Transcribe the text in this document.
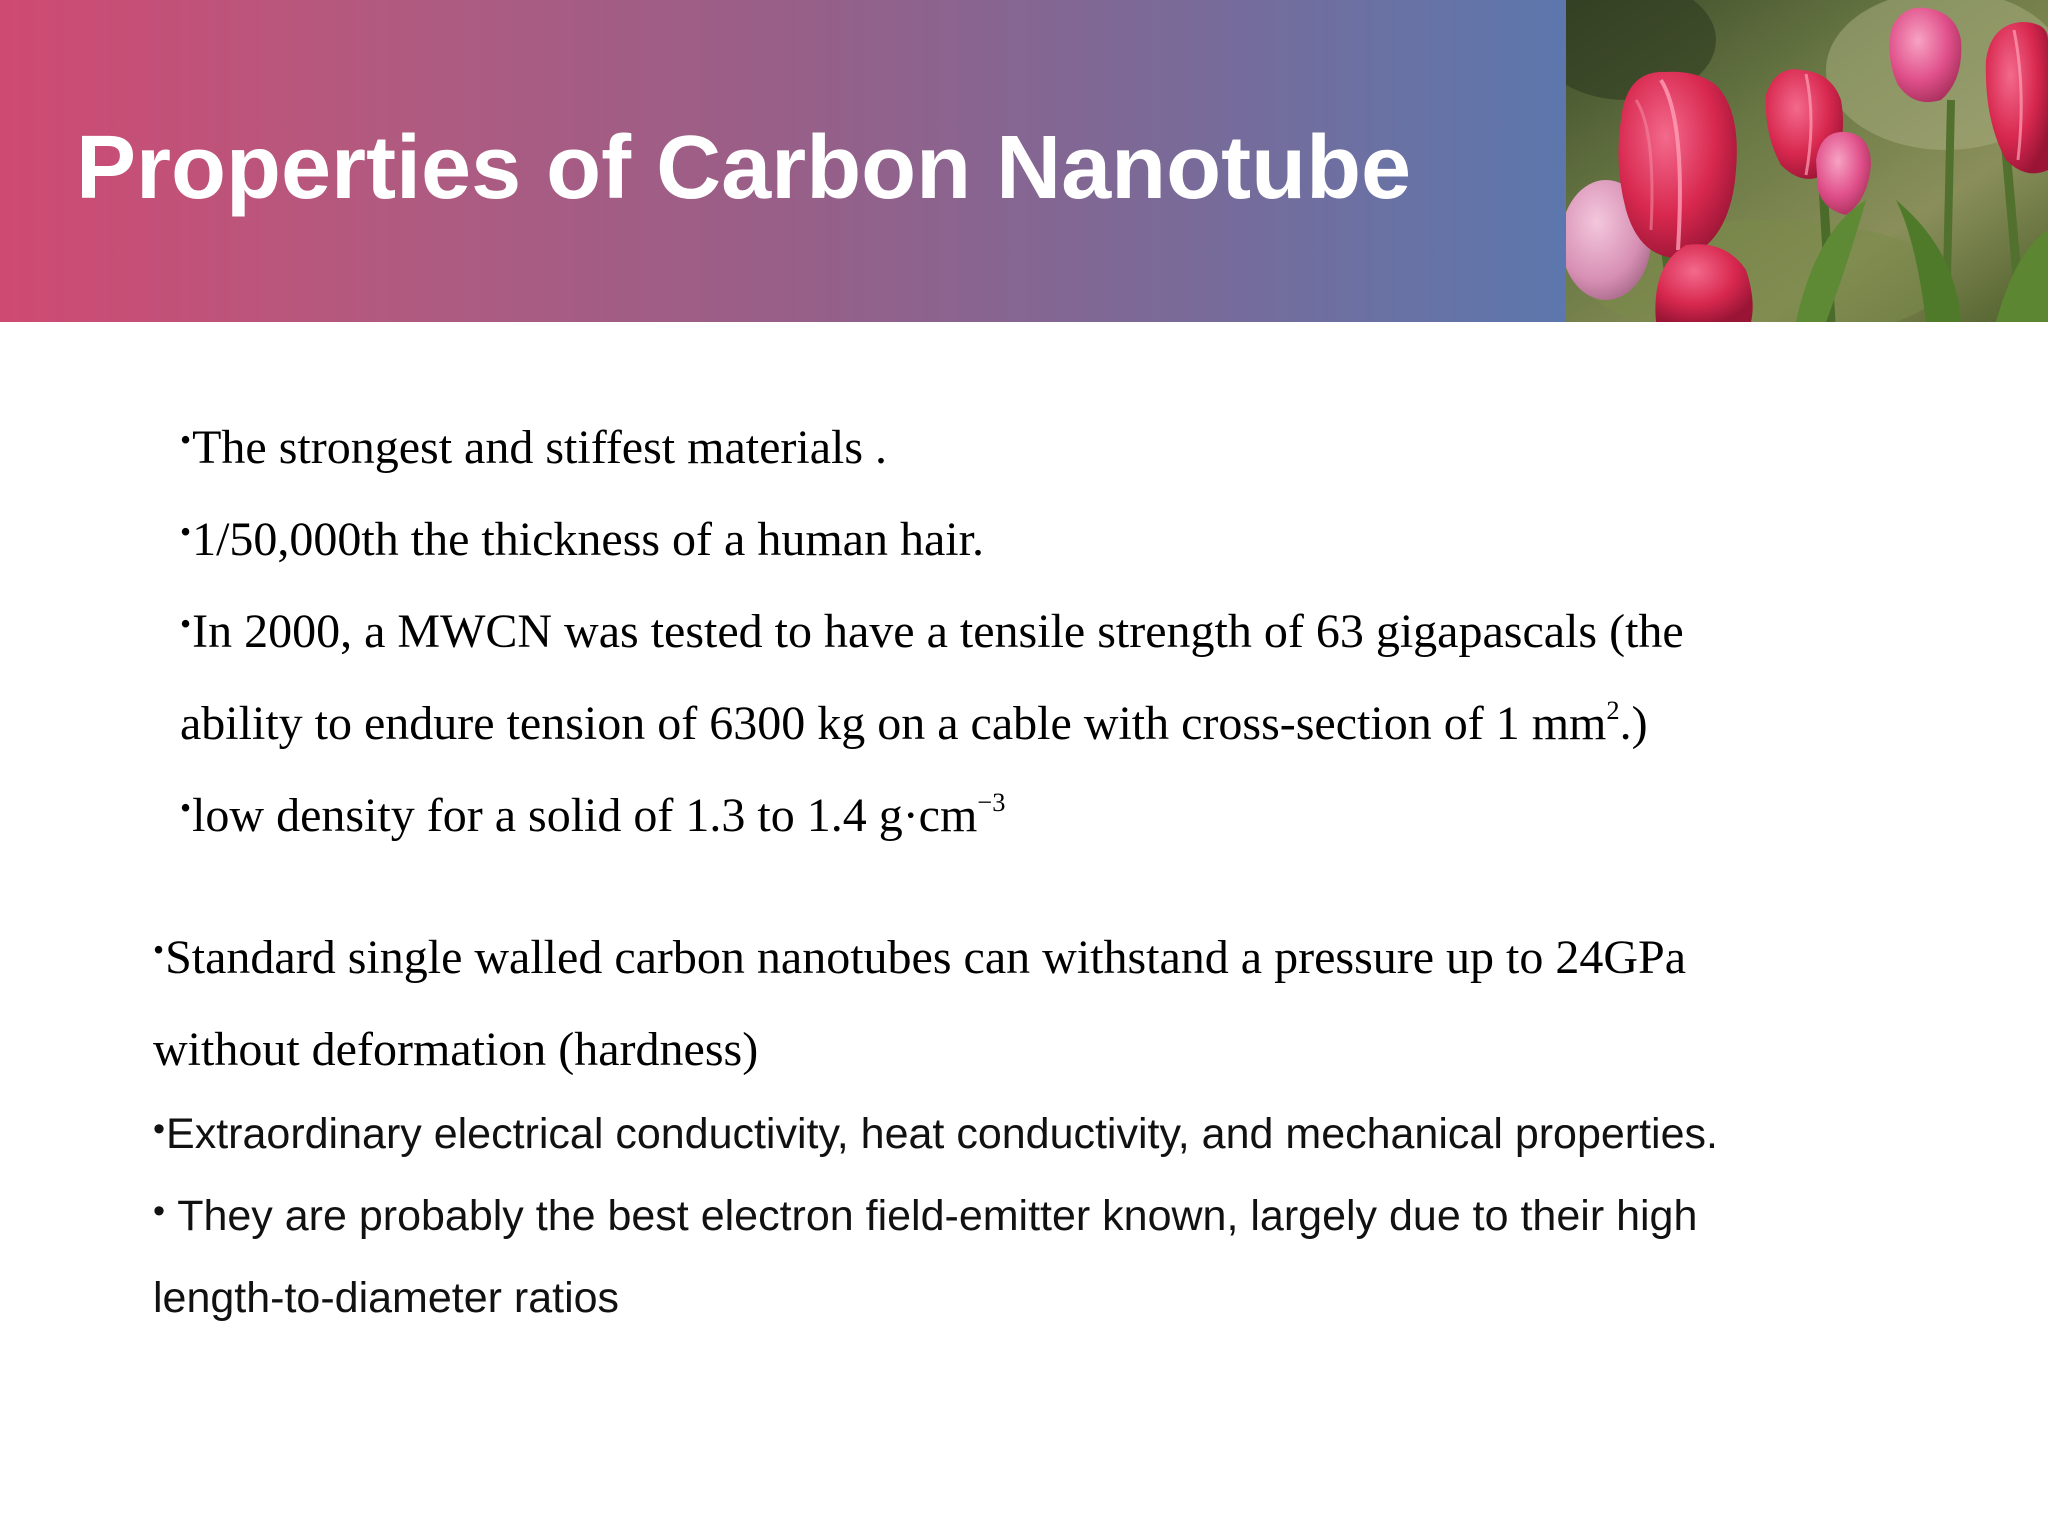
Properties of Carbon Nanotube

•The strongest and stiffest materials .

•1/50,000th the thickness of a human hair.

•In 2000, a MWCN was tested to have a tensile strength of 63 gigapascals (the

ability to endure tension of 6300 kg on a cable with cross-section of 1 $mm^2$.)

•low density for a solid of 1.3 to 1.4 $g\cdot cm^{-3}$

•Standard single walled carbon nanotubes can withstand a pressure up to 24GPa

without deformation (hardness)

•Extraordinary electrical conductivity, heat conductivity, and mechanical properties.

• They are probably the best electron field-emitter known, largely due to their high

length-to-diameter ratios
